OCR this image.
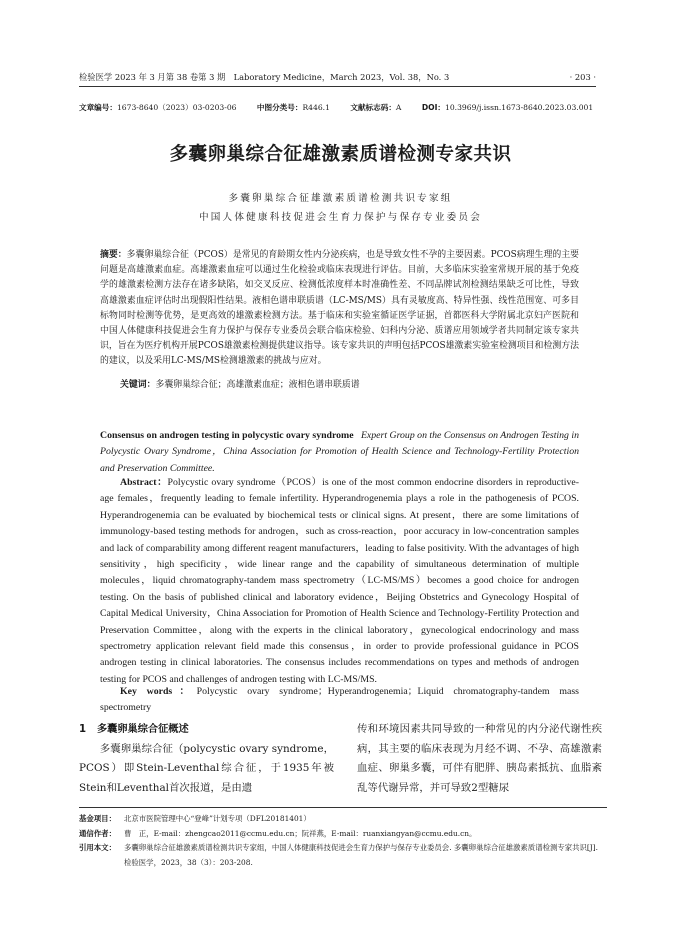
检验医学 2023 年 3 月第 38 卷第 3 期　Laboratory Medicine，March 2023，Vol. 38，No. 3	· 203 ·
文章编号：1673-8640（2023）03-0203-06	中图分类号：R446.1	文献标志码：A	DOI：10.3969/j.issn.1673-8640.2023.03.001
多囊卵巢综合征雄激素质谱检测专家共识
多囊卵巢综合征雄激素质谱检测共识专家组
中国人体健康科技促进会生育力保护与保存专业委员会
摘要：多囊卵巢综合征（PCOS）是常见的育龄期女性内分泌疾病，也是导致女性不孕的主要因素。PCOS病理生理的主要问题是高雄激素血症。高雄激素血症可以通过生化检验或临床表现进行评估。目前，大多临床实验室常规开展的基于免疫学的雄激素检测方法存在诸多缺陷，如交叉反应、检测低浓度样本时准确性差、不同品牌试剂检测结果缺乏可比性，导致高雄激素血症评估时出现假阳性结果。液相色谱串联质谱（LC-MS/MS）具有灵敏度高、特异性强、线性范围宽、可多目标物同时检测等优势，是更高效的雄激素检测方法。基于临床和实验室循证医学证据，首都医科大学附属北京妇产医院和中国人体健康科技促进会生育力保护与保存专业委员会联合临床检验、妇科内分泌、质谱应用领域学者共同制定该专家共识，旨在为医疗机构开展PCOS雄激素检测提供建议指导。该专家共识的声明包括PCOS雄激素实验室检测项目和检测方法的建议，以及采用LC-MS/MS检测雄激素的挑战与应对。
关键词：多囊卵巢综合征；高雄激素血症；液相色谱串联质谱
Consensus on androgen testing in polycystic ovary syndrome Expert Group on the Consensus on Androgen Testing in Polycystic Ovary Syndrome，China Association for Promotion of Health Science and Technology-Fertility Protection and Preservation Committee.
Abstract：Polycystic ovary syndrome（PCOS）is one of the most common endocrine disorders in reproductive-age females，frequently leading to female infertility. Hyperandrogenemia plays a role in the pathogenesis of PCOS. Hyperandrogenemia can be evaluated by biochemical tests or clinical signs. At present，there are some limitations of immunology-based testing methods for androgen，such as cross-reaction，poor accuracy in low-concentration samples and lack of comparability among different reagent manufacturers，leading to false positivity. With the advantages of high sensitivity，high specificity，wide linear range and the capability of simultaneous determination of multiple molecules，liquid chromatography-tandem mass spectrometry（LC-MS/MS）becomes a good choice for androgen testing. On the basis of published clinical and laboratory evidence，Beijing Obstetrics and Gynecology Hospital of Capital Medical University，China Association for Promotion of Health Science and Technology-Fertility Protection and Preservation Committee，along with the experts in the clinical laboratory，gynecological endocrinology and mass spectrometry application relevant field made this consensus，in order to provide professional guidance in PCOS androgen testing in clinical laboratories. The consensus includes recommendations on types and methods of androgen testing for PCOS and challenges of androgen testing with LC-MS/MS.
Key words：Polycystic ovary syndrome；Hyperandrogenemia；Liquid chromatography-tandem mass spectrometry
1 多囊卵巢综合征概述
多囊卵巢综合征（polycystic ovary syndrome，PCOS）即Stein-Leventhal综合征，于1935年被Stein和Leventhal首次报道，是由遗
传和环境因素共同导致的一种常见的内分泌代谢性疾病，其主要的临床表现为月经不调、不孕、高雄激素血症、卵巢多囊，可伴有肥胖、胰岛素抵抗、血脂紊乱等代谢异常，并可导致2型糖尿
基金项目： 北京市医院管理中心“登峰”计划专项（DFL20181401）
通信作者： 曹　正，E-mail：zhengcao2011@ccmu.edu.cn；阮祥燕，E-mail：ruanxiangyan@ccmu.edu.cn。
引用本文： 多囊卵巢综合征雄激素质谱检测共识专家组，中国人体健康科技促进会生育力保护与保存专业委员会. 多囊卵巢综合征雄激素质谱检测专家共识[J]. 检验医学，2023，38（3）：203-208.
